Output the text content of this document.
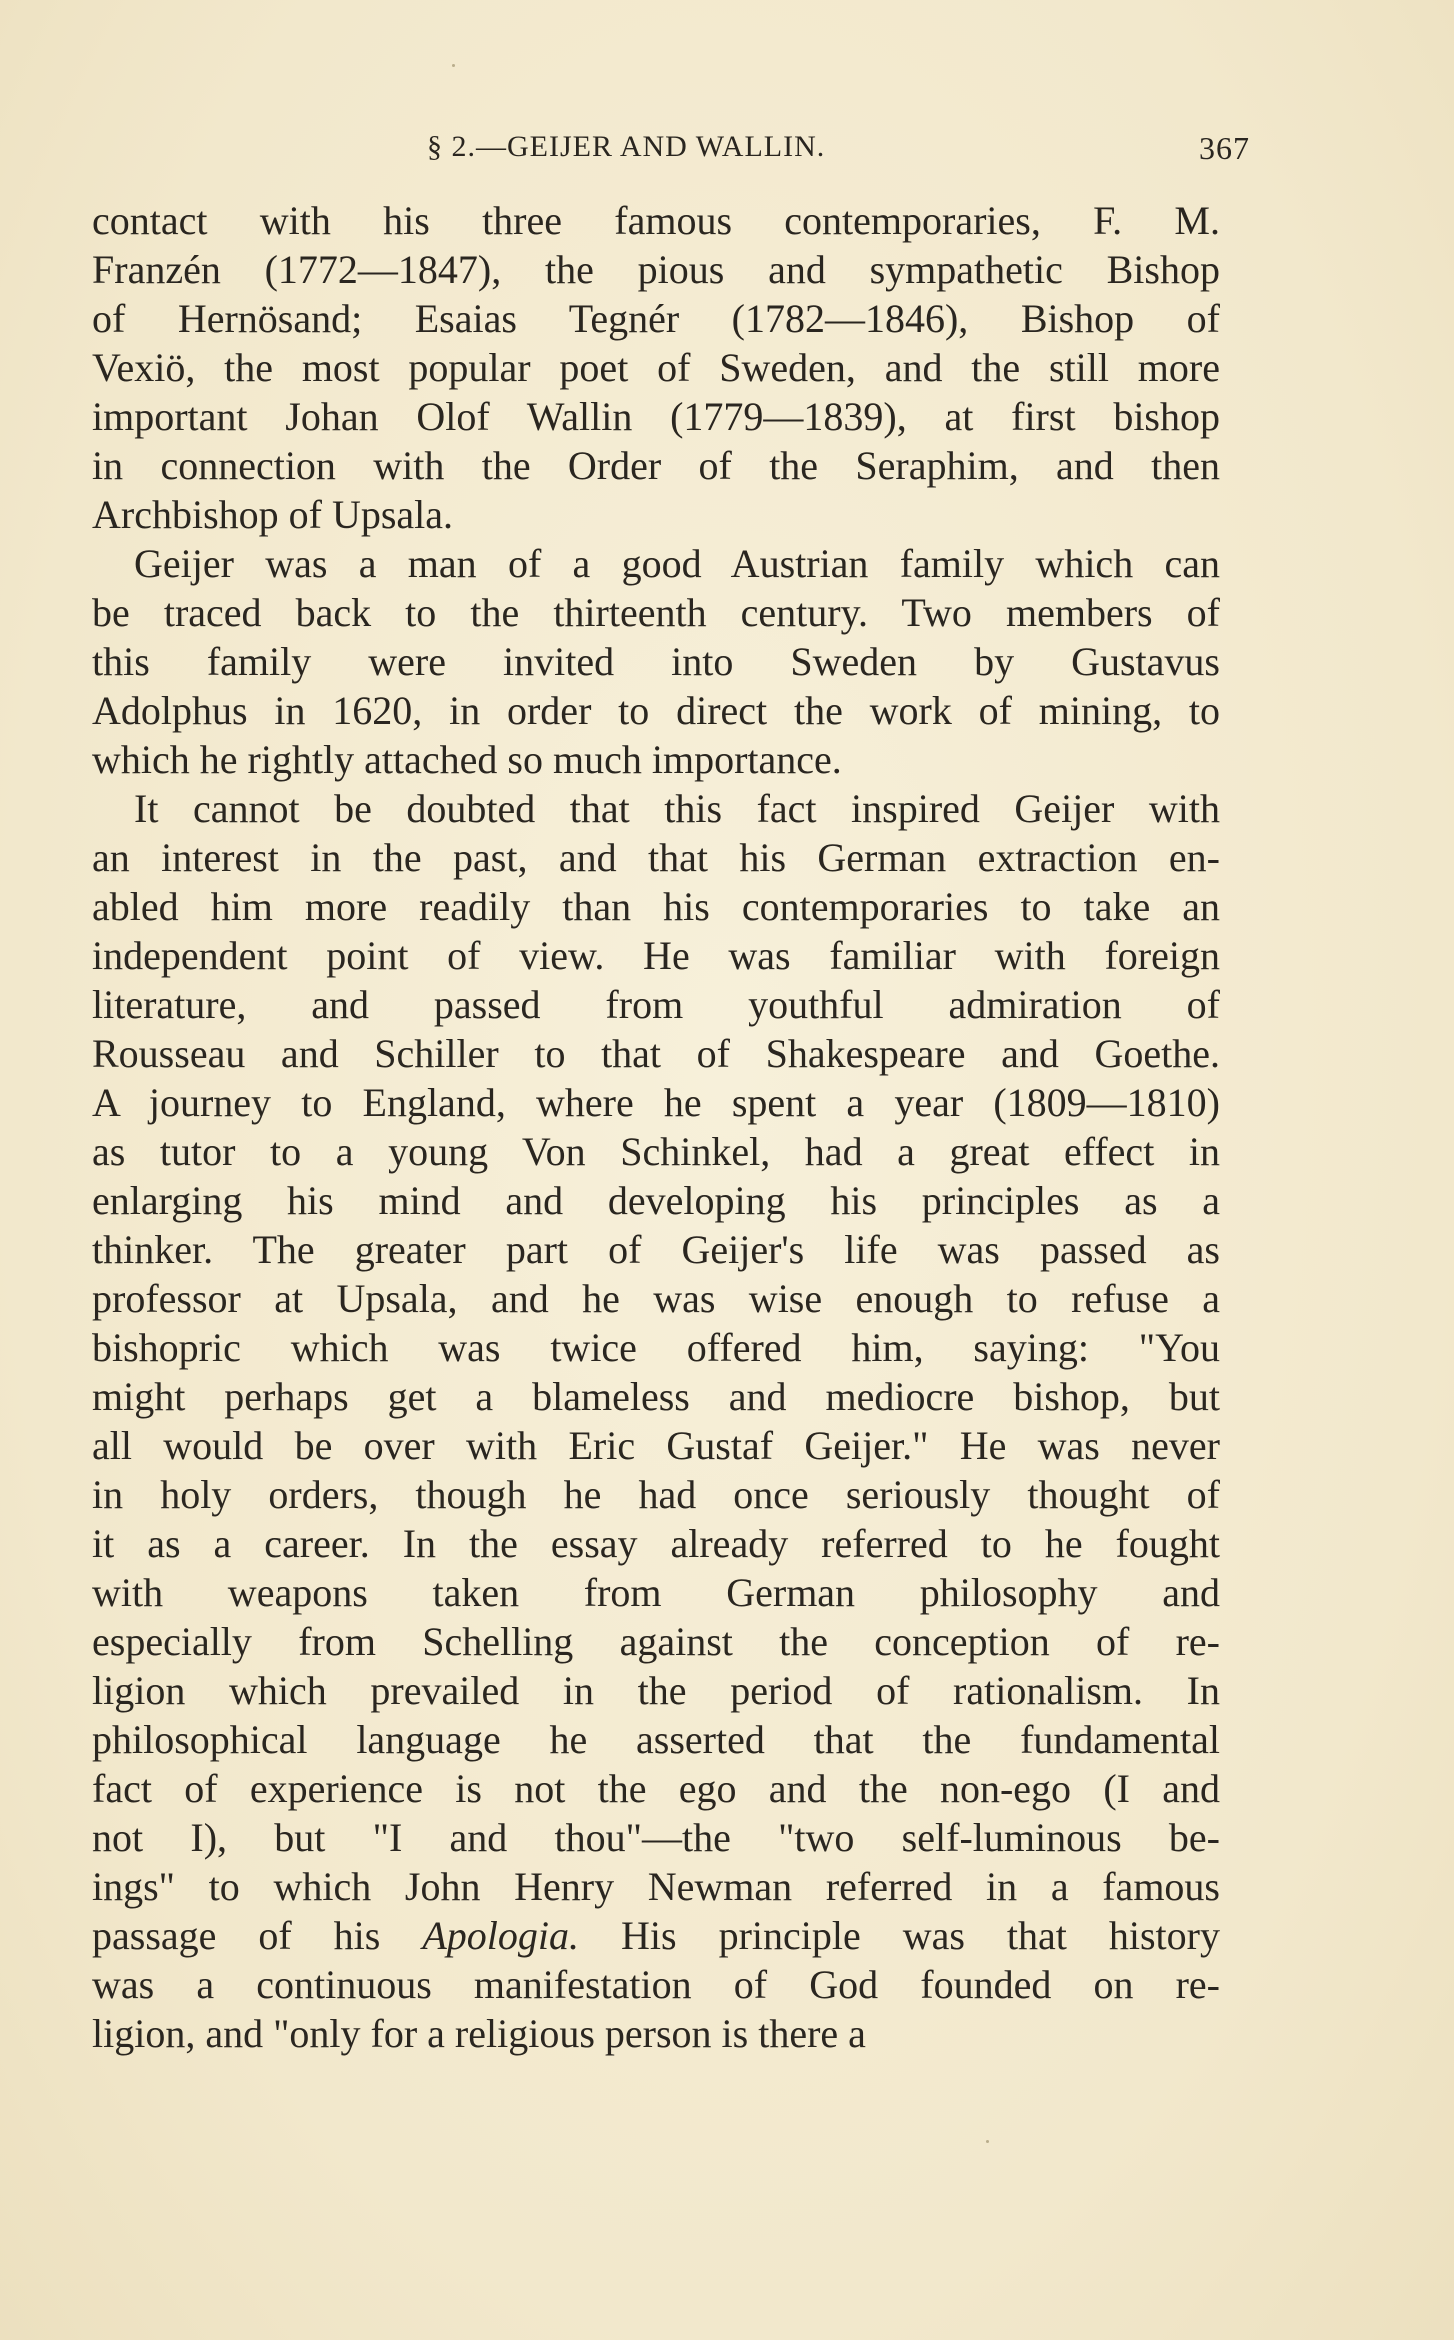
§ 2.—GEIJER AND WALLIN.	367
contact with his three famous contemporaries, F. M.
Franzén (1772—1847), the pious and sympathetic Bishop
of Hernösand; Esaias Tegnér (1782—1846), Bishop of
Vexiö, the most popular poet of Sweden, and the still more
important Johan Olof Wallin (1779—1839), at first bishop
in connection with the Order of the Seraphim, and then
Archbishop of Upsala.
Geijer was a man of a good Austrian family which can
be traced back to the thirteenth century. Two members of
this family were invited into Sweden by Gustavus
Adolphus in 1620, in order to direct the work of mining, to
which he rightly attached so much importance.
It cannot be doubted that this fact inspired Geijer with
an interest in the past, and that his German extraction en-
abled him more readily than his contemporaries to take an
independent point of view. He was familiar with foreign
literature, and passed from youthful admiration of
Rousseau and Schiller to that of Shakespeare and Goethe.
A journey to England, where he spent a year (1809—1810)
as tutor to a young Von Schinkel, had a great effect in
enlarging his mind and developing his principles as a
thinker. The greater part of Geijer's life was passed as
professor at Upsala, and he was wise enough to refuse a
bishopric which was twice offered him, saying: "You
might perhaps get a blameless and mediocre bishop, but
all would be over with Eric Gustaf Geijer." He was never
in holy orders, though he had once seriously thought of
it as a career. In the essay already referred to he fought
with weapons taken from German philosophy and
especially from Schelling against the conception of re-
ligion which prevailed in the period of rationalism. In
philosophical language he asserted that the fundamental
fact of experience is not the ego and the non-ego (I and
not I), but "I and thou"—the "two self-luminous be-
ings" to which John Henry Newman referred in a famous
passage of his Apologia. His principle was that history
was a continuous manifestation of God founded on re-
ligion, and "only for a religious person is there a
